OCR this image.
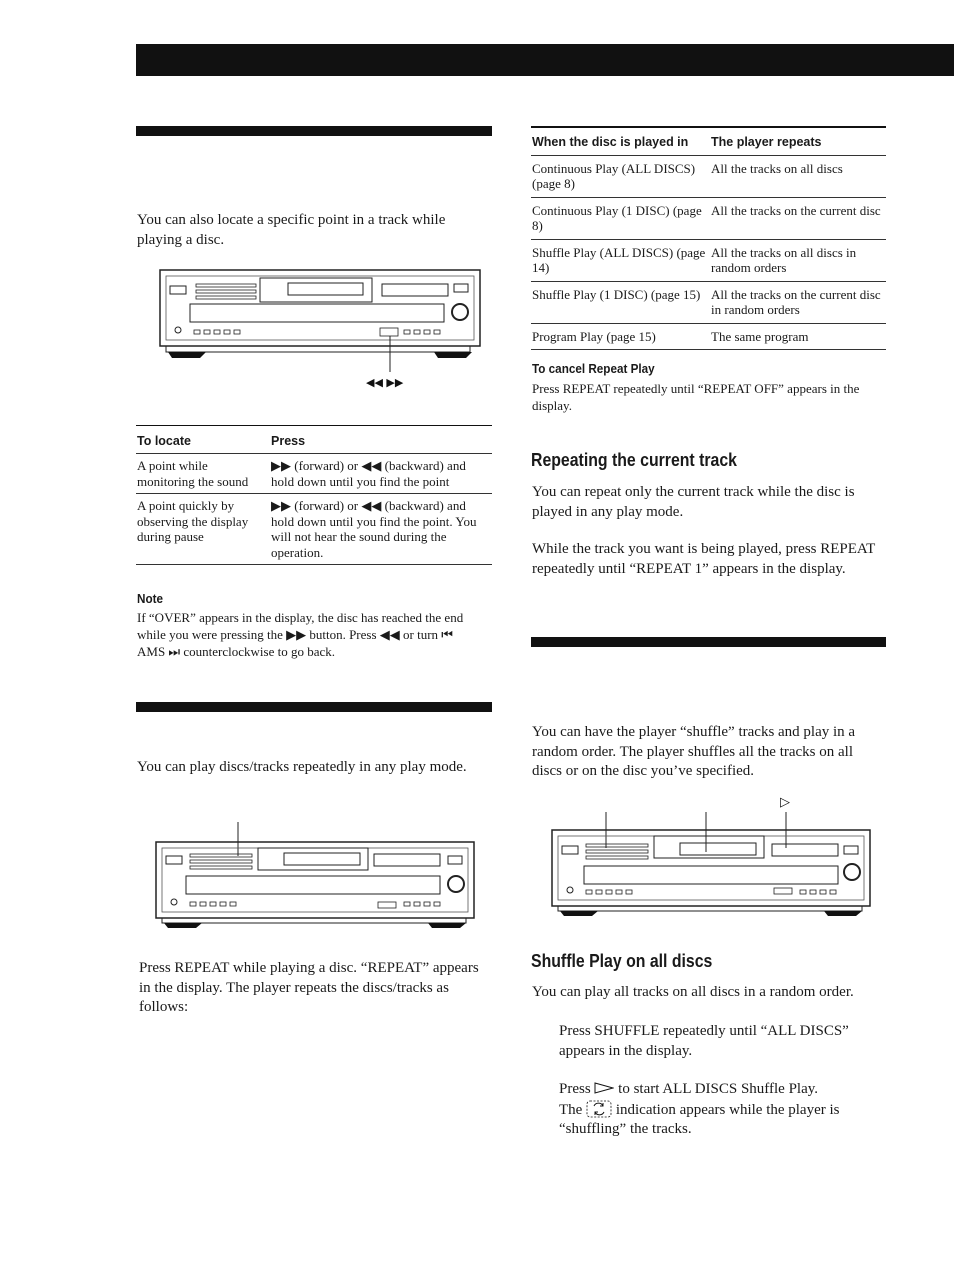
You can also locate a specific point in a track while playing a disc.
◀◀ ▶▶
To locate	Press
A point while monitoring the sound	▶▶ (forward) or ◀◀ (backward) and hold down until you find the point
A point quickly by observing the display during pause	▶▶ (forward) or ◀◀ (backward) and hold down until you find the point. You will not hear the sound during the operation.
Note
If “OVER” appears in the display, the disc has reached the end while you were pressing the ▶▶ button. Press ◀◀ or turn ⏮ AMS ⏭ counterclockwise to go back.
You can play discs/tracks repeatedly in any play mode.
Press REPEAT while playing a disc. “REPEAT” appears in the display. The player repeats the discs/tracks as follows:
When the disc is played in	The player repeats
Continuous Play (ALL DISCS) (page 8)	All the tracks on all discs
Continuous Play (1 DISC) (page 8)	All the tracks on the current disc
Shuffle Play (ALL DISCS) (page 14)	All the tracks on all discs in random orders
Shuffle Play (1 DISC) (page 15)	All the tracks on the current disc in random orders
Program Play (page 15)	The same program
To cancel Repeat Play
Press REPEAT repeatedly until “REPEAT OFF” appears in the display.
Repeating the current track
You can repeat only the current track while the disc is played in any play mode.
While the track you want is being played, press REPEAT repeatedly until “REPEAT 1” appears in the display.
You can have the player “shuffle” tracks and play in a random order. The player shuffles all the tracks on all discs or on the disc you’ve specified.
▷
Shuffle Play on all discs
You can play all tracks on all discs in a random order.
Press SHUFFLE repeatedly until “ALL DISCS” appears in the display.
Press to start ALL DISCS Shuffle Play.
The indication appears while the player is “shuffling” the tracks.
